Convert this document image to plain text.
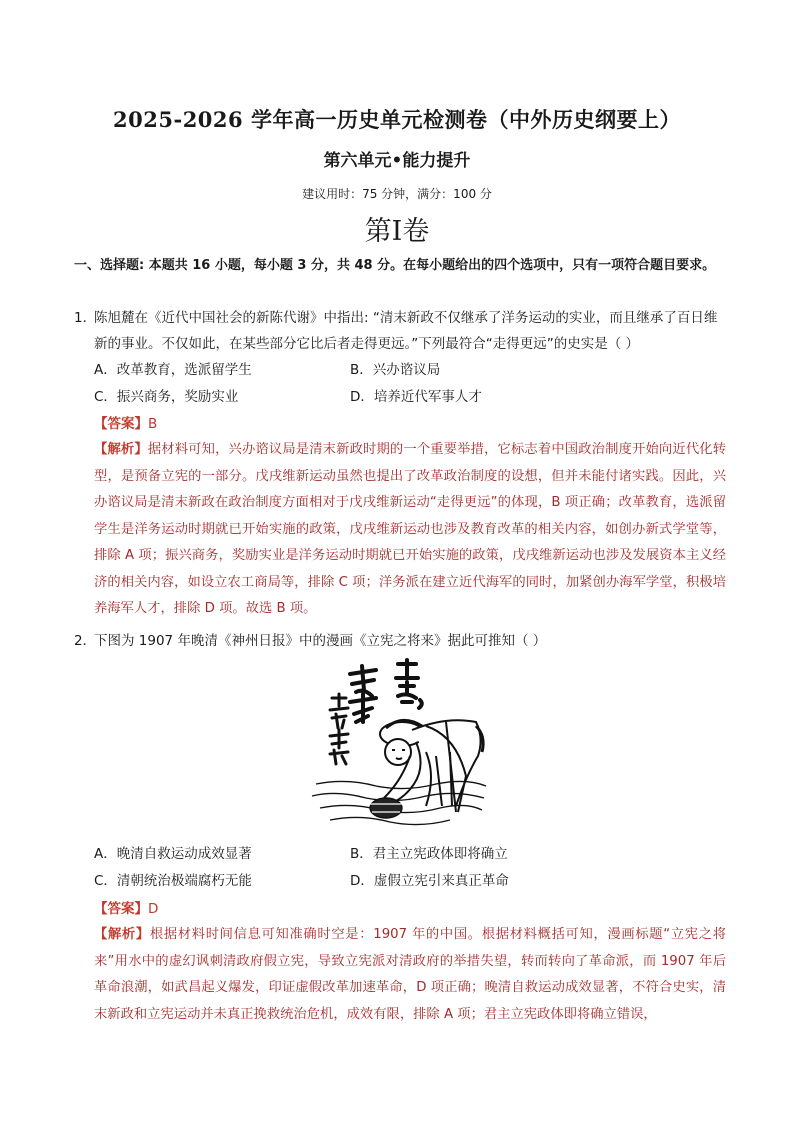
2025-2026 学年高一历史单元检测卷（中外历史纲要上）
第六单元•能力提升
建议用时：75 分钟，满分：100 分
第Ⅰ卷
一、选择题: 本题共 16 小题，每小题 3 分，共 48 分。在每小题给出的四个选项中，只有一项符合题目要求。
1．
陈旭麓在《近代中国社会的新陈代谢》中指出: “清末新政不仅继承了洋务运动的实业，而且继承了百日维新的事业。不仅如此，在某些部分它比后者走得更远。”下列最符合“走得更远”的史实是（ ）
A．改革教育，选派留学生	B．兴办谘议局
C．振兴商务，奖励实业	D．培养近代军事人才
【答案】B
【解析】据材料可知，兴办谘议局是清末新政时期的一个重要举措，它标志着中国政治制度开始向近代化转型，是预备立宪的一部分。戊戌维新运动虽然也提出了改革政治制度的设想，但并未能付诸实践。因此，兴办谘议局是清末新政在政治制度方面相对于戊戌维新运动“走得更远”的体现，B 项正确；改革教育，选派留学生是洋务运动时期就已开始实施的政策，戊戌维新运动也涉及教育改革的相关内容，如创办新式学堂等，排除 A 项；振兴商务，奖励实业是洋务运动时期就已开始实施的政策，戊戌维新运动也涉及发展资本主义经济的相关内容，如设立农工商局等，排除 C 项；洋务派在建立近代海军的同时，加紧创办海军学堂，积极培养海军人才，排除 D 项。故选 B 项。
2．
下图为 1907 年晚清《神州日报》中的漫画《立宪之将来》据此可推知（ ）
A．晚清自救运动成效显著	B．君主立宪政体即将确立
C．清朝统治极端腐朽无能	D．虚假立宪引来真正革命
【答案】D
【解析】根据材料时间信息可知准确时空是：1907 年的中国。根据材料概括可知，漫画标题“立宪之将来”用水中的虚幻讽刺清政府假立宪，导致立宪派对清政府的举措失望，转而转向了革命派，而 1907 年后革命浪潮，如武昌起义爆发，印证虚假改革加速革命，D 项正确；晚清自救运动成效显著，不符合史实，清末新政和立宪运动并未真正挽救统治危机，成效有限，排除 A 项；君主立宪政体即将确立错误，
